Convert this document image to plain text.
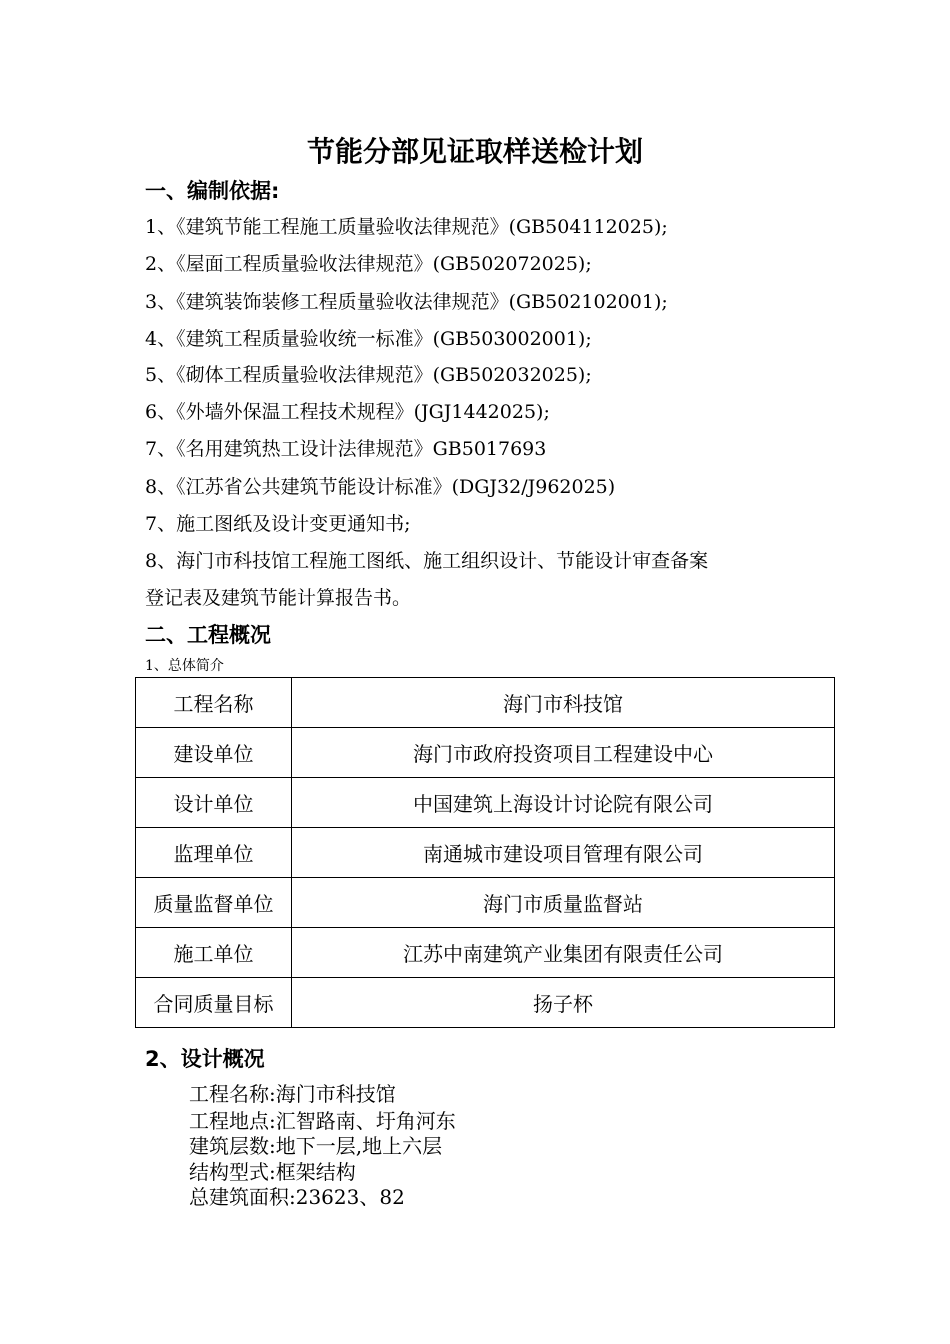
节能分部见证取样送检计划
一、编制依据:
1、《建筑节能工程施工质量验收法律规范》(GB504112025);
2、《屋面工程质量验收法律规范》(GB502072025);
3、《建筑装饰装修工程质量验收法律规范》(GB502102001);
4、《建筑工程质量验收统一标准》(GB503002001);
5、《砌体工程质量验收法律规范》(GB502032025);
6、《外墙外保温工程技术规程》(JGJ1442025);
7、《名用建筑热工设计法律规范》GB5017693
8、《江苏省公共建筑节能设计标准》(DGJ32/J962025)
7、施工图纸及设计变更通知书;
8、海门市科技馆工程施工图纸、施工组织设计、节能设计审查备案
登记表及建筑节能计算报告书。
二、工程概况
1、总体简介
工程名称	海门市科技馆
建设单位	海门市政府投资项目工程建设中心
设计单位	中国建筑上海设计讨论院有限公司
监理单位	南通城市建设项目管理有限公司
质量监督单位	海门市质量监督站
施工单位	江苏中南建筑产业集团有限责任公司
合同质量目标	扬子杯
2、设计概况
工程名称:海门市科技馆
工程地点:汇智路南、圩角河东
建筑层数:地下一层,地上六层
结构型式:框架结构
总建筑面积:23623、82
